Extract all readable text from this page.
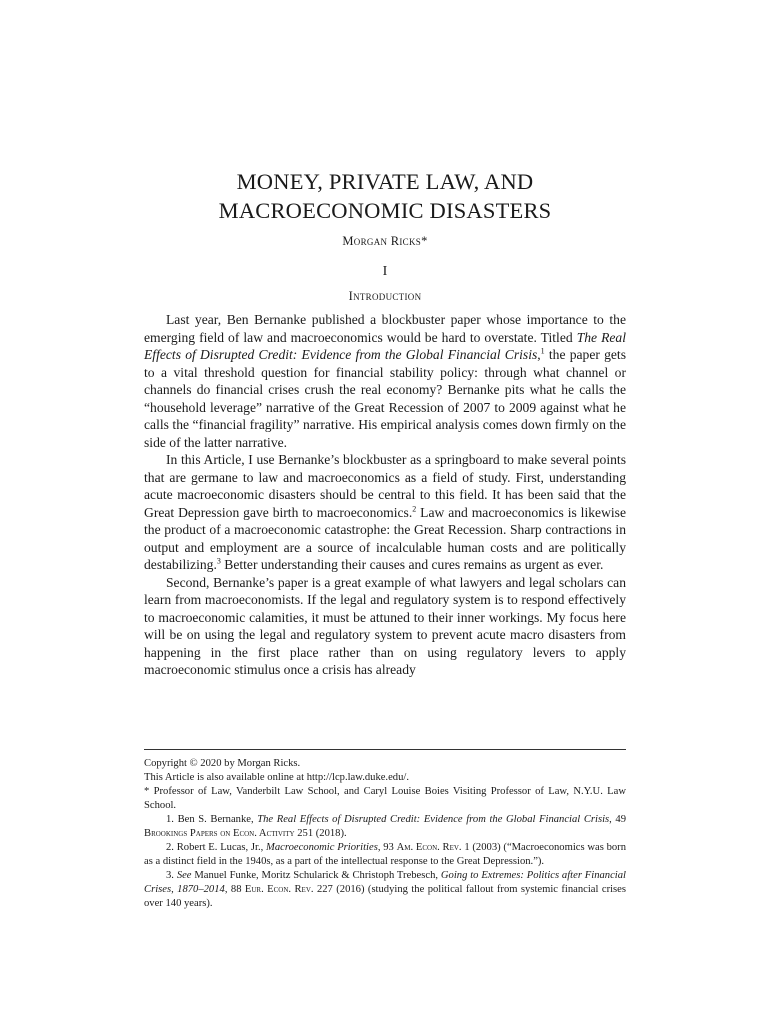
MONEY, PRIVATE LAW, AND
MACROECONOMIC DISASTERS
Morgan Ricks*
I
Introduction

Last year, Ben Bernanke published a blockbuster paper whose importance to the emerging field of law and macroeconomics would be hard to overstate. Titled The Real Effects of Disrupted Credit: Evidence from the Global Financial Crisis,$^1$ the paper gets to a vital threshold question for financial stability policy: through what channel or channels do financial crises crush the real economy? Bernanke pits what he calls the “household leverage” narrative of the Great Recession of 2007 to 2009 against what he calls the “financial fragility” narrative. His empirical analysis comes down firmly on the side of the latter narrative.

In this Article, I use Bernanke’s blockbuster as a springboard to make several points that are germane to law and macroeconomics as a field of study. First, understanding acute macroeconomic disasters should be central to this field. It has been said that the Great Depression gave birth to macroeconomics.$^2$ Law and macroeconomics is likewise the product of a macroeconomic catastrophe: the Great Recession. Sharp contractions in output and employment are a source of incalculable human costs and are politically destabilizing.$^3$ Better understanding their causes and cures remains as urgent as ever.

Second, Bernanke’s paper is a great example of what lawyers and legal scholars can learn from macroeconomists. If the legal and regulatory system is to respond effectively to macroeconomic calamities, it must be attuned to their inner workings. My focus here will be on using the legal and regulatory system to prevent acute macro disasters from happening in the first place rather than on using regulatory levers to apply macroeconomic stimulus once a crisis has already

Copyright © 2020 by Morgan Ricks.

This Article is also available online at http://lcp.law.duke.edu/.

* Professor of Law, Vanderbilt Law School, and Caryl Louise Boies Visiting Professor of Law, N.Y.U. Law School.

1. Ben S. Bernanke, The Real Effects of Disrupted Credit: Evidence from the Global Financial Crisis, 49 Brookings Papers on Econ. Activity 251 (2018).

2. Robert E. Lucas, Jr., Macroeconomic Priorities, 93 Am. Econ. Rev. 1 (2003) (“Macroeconomics was born as a distinct field in the 1940s, as a part of the intellectual response to the Great Depression.”).

3. See Manuel Funke, Moritz Schularick & Christoph Trebesch, Going to Extremes: Politics after Financial Crises, 1870–2014, 88 Eur. Econ. Rev. 227 (2016) (studying the political fallout from systemic financial crises over 140 years).
